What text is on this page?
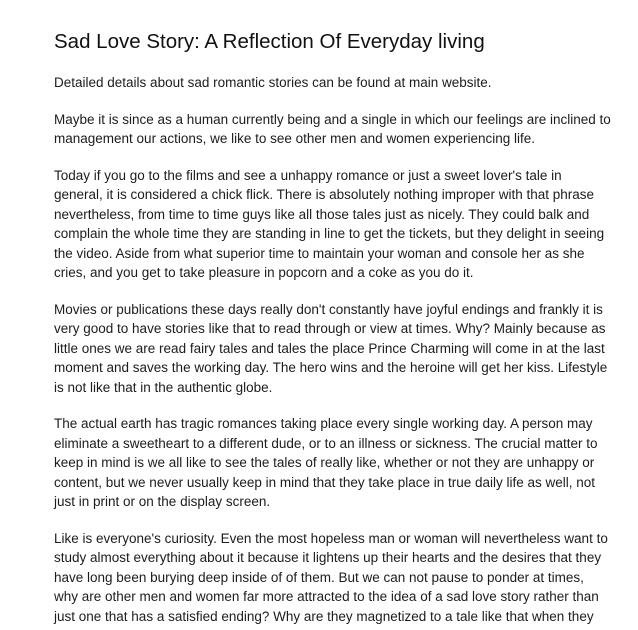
Sad Love Story: A Reflection Of Everyday living

Detailed details about sad romantic stories can be found at main website.

Maybe it is since as a human currently being and a single in which our feelings are inclined to
management our actions, we like to see other men and women experiencing life.

Today if you go to the films and see a unhappy romance or just a sweet lover's tale in
general, it is considered a chick flick. There is absolutely nothing improper with that phrase
nevertheless, from time to time guys like all those tales just as nicely. They could balk and
complain the whole time they are standing in line to get the tickets, but they delight in seeing
the video. Aside from what superior time to maintain your woman and console her as she
cries, and you get to take pleasure in popcorn and a coke as you do it.

Movies or publications these days really don't constantly have joyful endings and frankly it is
very good to have stories like that to read through or view at times. Why? Mainly because as
little ones we are read fairy tales and tales the place Prince Charming will come in at the last
moment and saves the working day. The hero wins and the heroine will get her kiss. Lifestyle
is not like that in the authentic globe.

The actual earth has tragic romances taking place every single working day. A person may
eliminate a sweetheart to a different dude, or to an illness or sickness. The crucial matter to
keep in mind is we all like to see the tales of really like, whether or not they are unhappy or
content, but we never usually keep in mind that they take place in true daily life as well, not
just in print or on the display screen.

Like is everyone's curiosity. Even the most hopeless man or woman will nevertheless want to
study almost everything about it because it lightens up their hearts and the desires that they
have long been burying deep inside of of them. But we can not pause to ponder at times,
why are other men and women far more attracted to the idea of a sad love story rather than
just one that has a satisfied ending? Why are they magnetized to a tale like that when they
